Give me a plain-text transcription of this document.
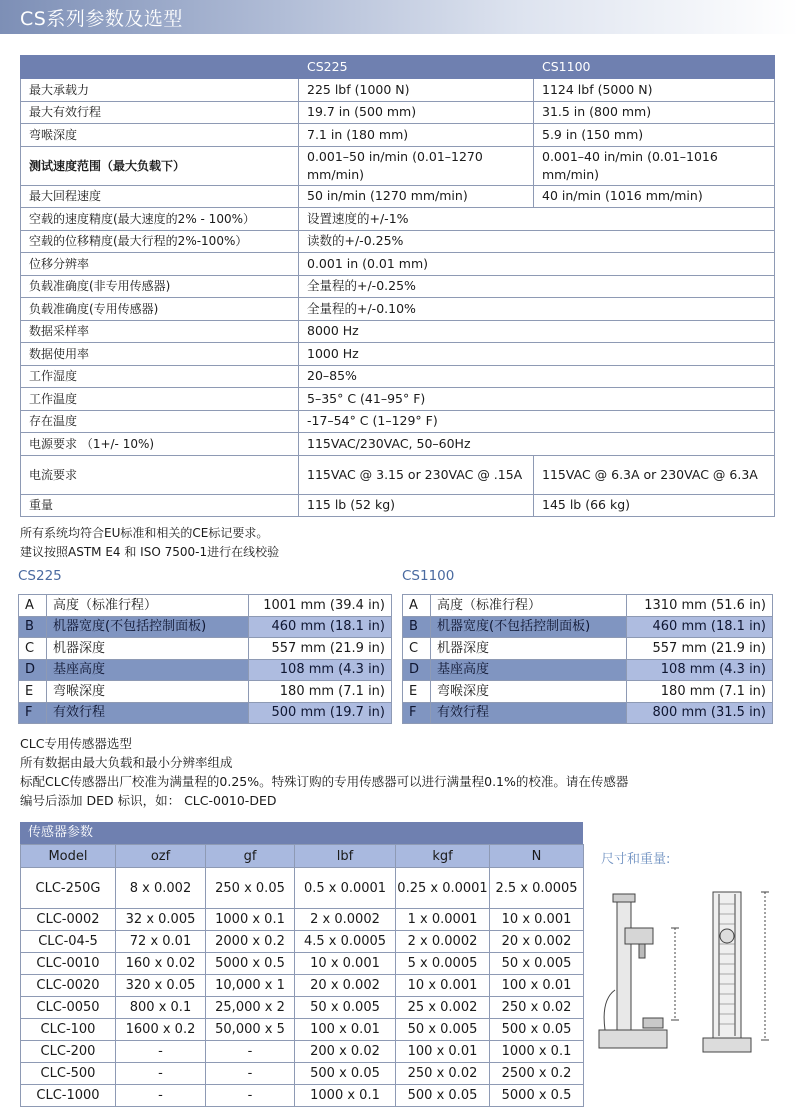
CS系列参数及选型
	CS225	CS1100
最大承载力	225 lbf (1000 N)	1124 lbf (5000 N)
最大有效行程	19.7 in (500 mm)	31.5 in (800 mm)
弯喉深度	7.1 in (180 mm)	5.9 in (150 mm)
测试速度范围（最大负载下）	0.001–50 in/min (0.01–1270 mm/min)	0.001–40 in/min (0.01–1016 mm/min)
最大回程速度	50 in/min (1270 mm/min)	40 in/min (1016 mm/min)
空载的速度精度(最大速度的2% - 100%）	设置速度的+/-1%	
空载的位移精度(最大行程的2%-100%）	读数的+/-0.25%	
位移分辨率	0.001 in (0.01 mm)	
负载准确度(非专用传感器)	全量程的+/-0.25%	
负载准确度(专用传感器)	全量程的+/-0.10%	
数据采样率	8000 Hz	
数据使用率	1000 Hz	
工作湿度	20–85%	
工作温度	5–35° C (41–95° F)	
存在温度	-17–54° C (1–129° F)	
电源要求 （1+/- 10%)	115VAC/230VAC, 50–60Hz	
电流要求	115VAC @ 3.15 or 230VAC @ .15A	115VAC @ 6.3A or 230VAC @ 6.3A
重量	115 lb (52 kg)	145 lb (66 kg)
所有系统均符合EU标准和相关的CE标记要求。
建议按照ASTM E4 和 ISO 7500-1进行在线校验
CS225
A	高度（标准行程）	1001 mm (39.4 in)
B	机器宽度(不包括控制面板)	460 mm (18.1 in)
C	机器深度	557 mm (21.9 in)
D	基座高度	108 mm (4.3 in)
E	弯喉深度	180 mm (7.1 in)
F	有效行程	500 mm (19.7 in)
CS1100
A	高度（标准行程）	1310 mm (51.6 in)
B	机器宽度(不包括控制面板)	460 mm (18.1 in)
C	机器深度	557 mm (21.9 in)
D	基座高度	108 mm (4.3 in)
E	弯喉深度	180 mm (7.1 in)
F	有效行程	800 mm (31.5 in)
CLC专用传感器选型
所有数据由最大负载和最小分辨率组成
标配CLC传感器出厂校准为满量程的0.25%。特殊订购的专用传感器可以进行满量程0.1%的校准。请在传感器
编号后添加 DED 标识，如： CLC-0010-DED
传感器参数
Model	ozf	gf	lbf	kgf	N
CLC-250G	8 x 0.002	250 x 0.05	0.5 x 0.0001	0.25 x 0.0001	2.5 x 0.0005
CLC-0002	32 x 0.005	1000 x 0.1	2 x 0.0002	1 x 0.0001	10 x 0.001
CLC-04-5	72 x 0.01	2000 x 0.2	4.5 x 0.0005	2 x 0.0002	20 x 0.002
CLC-0010	160 x 0.02	5000 x 0.5	10 x 0.001	5 x 0.0005	50 x 0.005
CLC-0020	320 x 0.05	10,000 x 1	20 x 0.002	10 x 0.001	100 x 0.01
CLC-0050	800 x 0.1	25,000 x 2	50 x 0.005	25 x 0.002	250 x 0.02
CLC-100	1600 x 0.2	50,000 x 5	100 x 0.01	50 x 0.005	500 x 0.05
CLC-200	-	-	200 x 0.02	100 x 0.01	1000 x 0.1
CLC-500	-	-	500 x 0.05	250 x 0.02	2500 x 0.2
CLC-1000	-	-	1000 x 0.1	500 x 0.05	5000 x 0.5
尺寸和重量:
